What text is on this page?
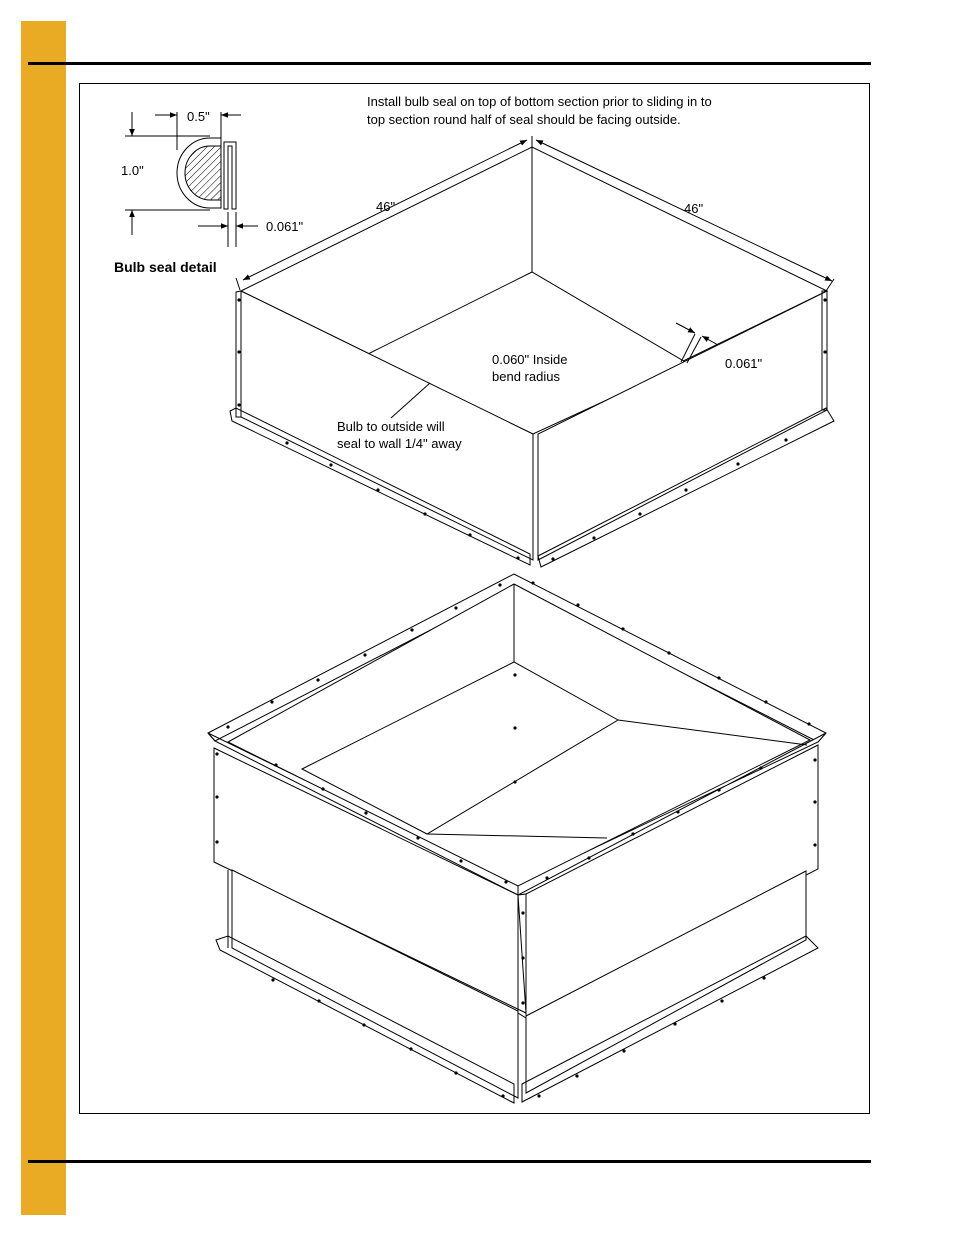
0.5"
1.0"
0.061"
Bulb seal detail
Install bulb seal on top of bottom section prior to sliding in to
top section round half of seal should be facing outside.
46"	46"
0.061"
0.060" Inside
bend radius
Bulb to outside will
seal to wall 1/4" away
